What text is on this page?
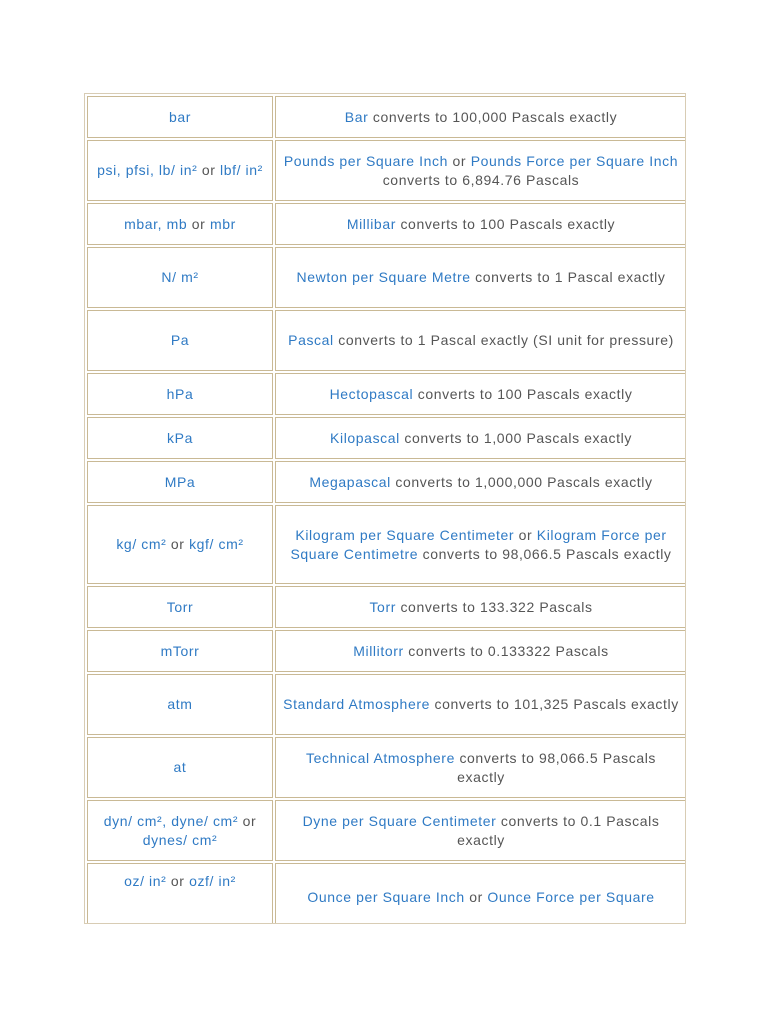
bar	Bar converts to 100,000 Pascals exactly
psi, pfsi, lb/ in² or lbf/ in²	Pounds per Square Inch or Pounds Force per Square Inch converts to 6,894.76 Pascals
mbar, mb or mbr	Millibar converts to 100 Pascals exactly
N/ m²	Newton per Square Metre converts to 1 Pascal exactly
Pa	Pascal converts to 1 Pascal exactly (SI unit for pressure)
hPa	Hectopascal converts to 100 Pascals exactly
kPa	Kilopascal converts to 1,000 Pascals exactly
MPa	Megapascal converts to 1,000,000 Pascals exactly
kg/ cm² or kgf/ cm²	Kilogram per Square Centimeter or Kilogram Force per Square Centimetre converts to 98,066.5 Pascals exactly
Torr	Torr converts to 133.322 Pascals
mTorr	Millitorr converts to 0.133322 Pascals
atm	Standard Atmosphere converts to 101,325 Pascals exactly
at	Technical Atmosphere converts to 98,066.5 Pascals exactly
dyn/ cm², dyne/ cm² or dynes/ cm²	Dyne per Square Centimeter converts to 0.1 Pascals exactly
oz/ in² or ozf/ in²	Ounce per Square Inch or Ounce Force per Square
